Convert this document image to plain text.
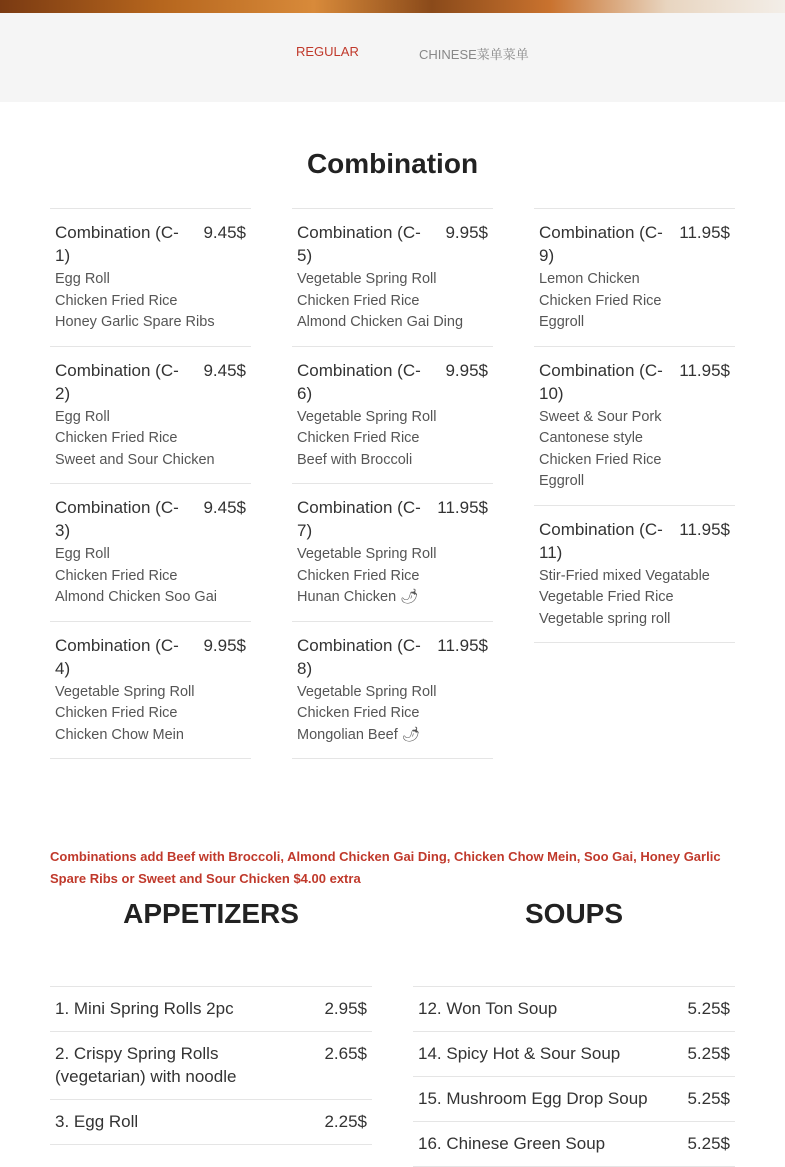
REGULAR	CHINESE菜单菜单
Combination
Combination (C-1)
9.45$
Egg Roll
Chicken Fried Rice
Honey Garlic Spare Ribs
Combination (C-2)
9.45$
Egg Roll
Chicken Fried Rice
Sweet and Sour Chicken
Combination (C-3)
9.45$
Egg Roll
Chicken Fried Rice
Almond Chicken Soo Gai
Combination (C-4)
9.95$
Vegetable Spring Roll
Chicken Fried Rice
Chicken Chow Mein
Combination (C-5)
9.95$
Vegetable Spring Roll
Chicken Fried Rice
Almond Chicken Gai Ding
Combination (C-6)
9.95$
Vegetable Spring Roll
Chicken Fried Rice
Beef with Broccoli
Combination (C-7)
11.95$
Vegetable Spring Roll
Chicken Fried Rice
Hunan Chicken 🌶
Combination (C-8)
11.95$
Vegetable Spring Roll
Chicken Fried Rice
Mongolian Beef 🌶
Combination (C-9)
11.95$
Lemon Chicken
Chicken Fried Rice
Eggroll
Combination (C-10)
11.95$
Sweet & Sour Pork Cantonese style
Chicken Fried Rice
Eggroll
Combination (C-11)
11.95$
Stir-Fried mixed Vegatable
Vegetable Fried Rice
Vegetable spring roll
Combinations add Beef with Broccoli, Almond Chicken Gai Ding, Chicken Chow Mein, Soo Gai, Honey Garlic Spare Ribs or Sweet and Sour Chicken $4.00 extra
APPETIZERS	SOUPS
1. Mini Spring Rolls 2pc	2.95$
2. Crispy Spring Rolls (vegetarian) with noodle
2.65$
3. Egg Roll	2.25$
12. Won Ton Soup	5.25$
14. Spicy Hot & Sour Soup	5.25$
15. Mushroom Egg Drop Soup	5.25$
16. Chinese Green Soup	5.25$
